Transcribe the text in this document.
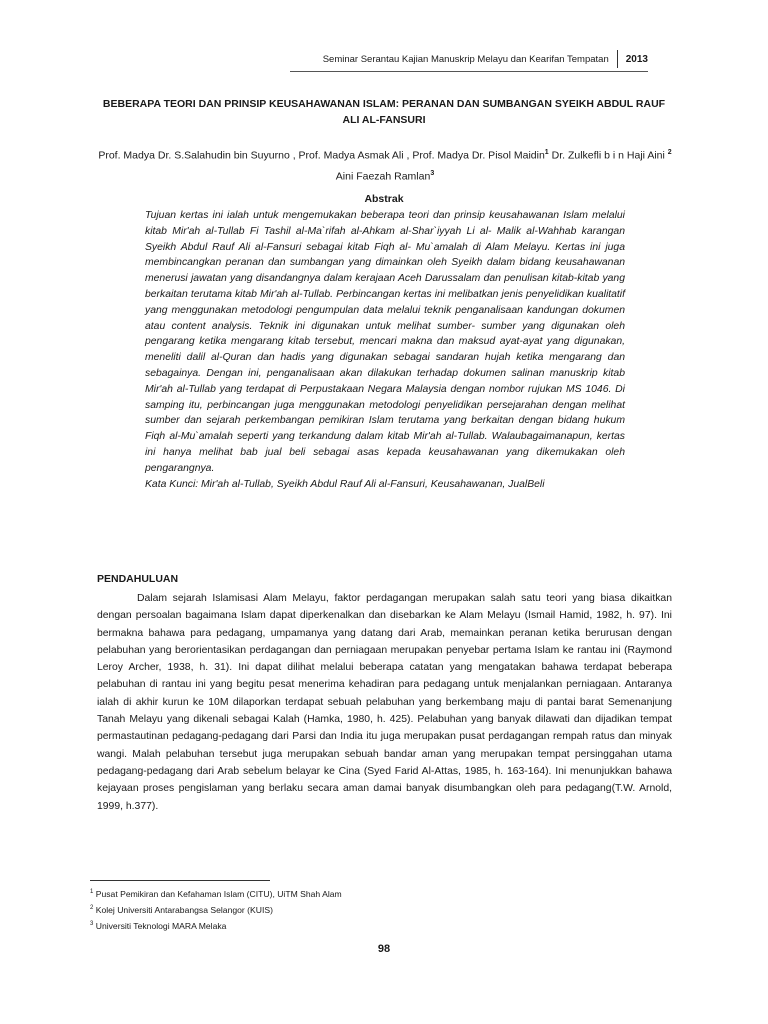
Seminar Serantau Kajian Manuskrip Melayu dan Kearifan Tempatan	2013
BEBERAPA TEORI DAN PRINSIP KEUSAHAWANAN ISLAM: PERANAN DAN SUMBANGAN SYEIKH ABDUL RAUF ALI AL-FANSURI
Prof. Madya Dr. S.Salahudin bin Suyurno , Prof. Madya Asmak Ali , Prof. Madya Dr. Pisol Maidin$^1$ Dr. Zulkefli b i n Haji Aini $^2$ Aini Faezah Ramlan$^3$
Abstrak

Tujuan kertas ini ialah untuk mengemukakan beberapa teori dan prinsip keusahawanan Islam melalui kitab Mir'ah al-Tullab Fi Tashil al-Ma`rifah al-Ahkam al-Shar`iyyah Li al- Malik al-Wahhab karangan Syeikh Abdul Rauf Ali al-Fansuri sebagai kitab Fiqh al- Mu`amalah di Alam Melayu. Kertas ini juga membincangkan peranan dan sumbangan yang dimainkan oleh Syeikh dalam bidang keusahawanan menerusi jawatan yang disandangnya dalam kerajaan Aceh Darussalam dan penulisan kitab-kitab yang berkaitan terutama kitab Mir'ah al-Tullab. Perbincangan kertas ini melibatkan jenis penyelidikan kualitatif yang menggunakan metodologi pengumpulan data melalui teknik penganalisaan kandungan dokumen atau content analysis. Teknik ini digunakan untuk melihat sumber- sumber yang digunakan oleh pengarang ketika mengarang kitab tersebut, mencari makna dan maksud ayat-ayat yang digunakan, meneliti dalil al-Quran dan hadis yang digunakan sebagai sandaran hujah ketika mengarang dan sebagainya. Dengan ini, penganalisaan akan dilakukan terhadap dokumen salinan manuskrip kitab Mir'ah al-Tullab yang terdapat di Perpustakaan Negara Malaysia dengan nombor rujukan MS 1046. Di samping itu, perbincangan juga menggunakan metodologi penyelidikan persejarahan dengan melihat sumber dan sejarah perkembangan pemikiran Islam terutama yang berkaitan dengan bidang hukum Fiqh al-Mu`amalah seperti yang terkandung dalam kitab Mir'ah al-Tullab. Walaubagaimanapun, kertas ini hanya melihat bab jual beli sebagai asas kepada keusahawanan yang dikemukakan oleh pengarangnya.

Kata Kunci: Mir'ah al-Tullab, Syeikh Abdul Rauf Ali al-Fansuri, Keusahawanan, JualBeli

PENDAHULUAN

Dalam sejarah Islamisasi Alam Melayu, faktor perdagangan merupakan salah satu teori yang biasa dikaitkan dengan persoalan bagaimana Islam dapat diperkenalkan dan disebarkan ke Alam Melayu (Ismail Hamid, 1982, h. 97). Ini bermakna bahawa para pedagang, umpamanya yang datang dari Arab, memainkan peranan ketika berurusan dengan pelabuhan yang berorientasikan perdagangan dan perniagaan merupakan penyebar pertama Islam ke rantau ini (Raymond Leroy Archer, 1938, h. 31). Ini dapat dilihat melalui beberapa catatan yang mengatakan bahawa terdapat beberapa pelabuhan di rantau ini yang begitu pesat menerima kehadiran para pedagang untuk menjalankan perniagaan. Antaranya ialah di akhir kurun ke 10M dilaporkan terdapat sebuah pelabuhan yang berkembang maju di pantai barat Semenanjung Tanah Melayu yang dikenali sebagai Kalah (Hamka, 1980, h. 425). Pelabuhan yang banyak dilawati dan dijadikan tempat permastautinan pedagang-pedagang dari Parsi dan India itu juga merupakan pusat perdagangan rempah ratus dan minyak wangi. Malah pelabuhan tersebut juga merupakan sebuah bandar aman yang merupakan tempat persinggahan utama pedagang-pedagang dari Arab sebelum belayar ke Cina (Syed Farid Al-Attas, 1985, h. 163-164). Ini menunjukkan bahawa kejayaan proses pengislaman yang berlaku secara aman damai banyak disumbangkan oleh para pedagang(T.W. Arnold, 1999, h.377).

$^1$ Pusat Pemikiran dan Kefahaman Islam (CITU), UiTM Shah Alam
$^2$ Kolej Universiti Antarabangsa Selangor (KUIS)
$^3$ Universiti Teknologi MARA Melaka
98
